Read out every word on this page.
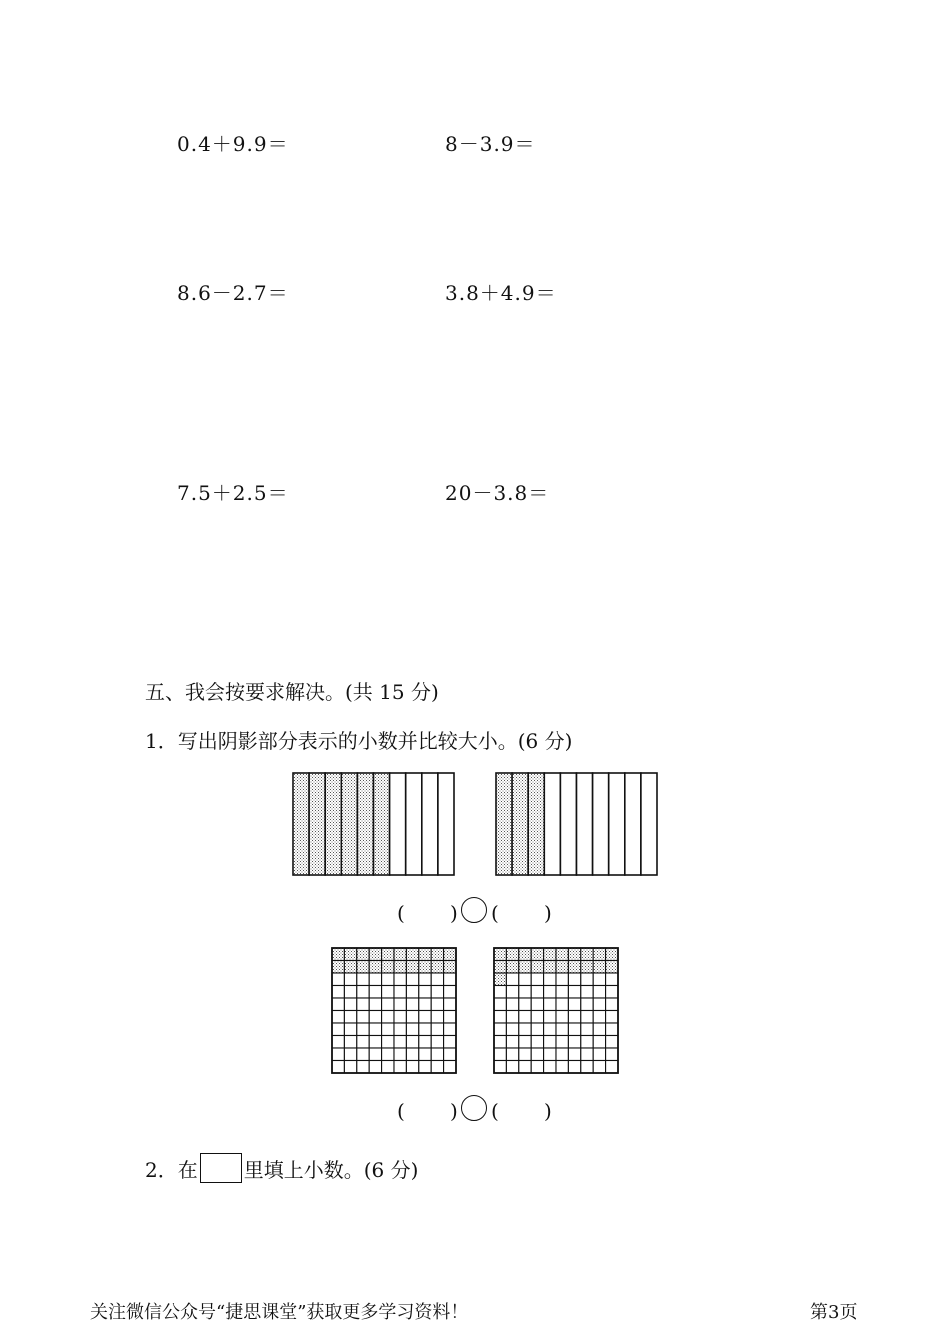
0.4＋9.9＝	8－3.9＝
8.6－2.7＝	3.8＋4.9＝
7.5＋2.5＝	20－3.8＝
五、我会按要求解决。(共 15 分)
1．写出阴影部分表示的小数并比较大小。(6 分)
( ) ( )
( ) ( )
2．在 里填上小数。(6 分)
关注微信公众号“捷思课堂”获取更多学习资料！	第3页
